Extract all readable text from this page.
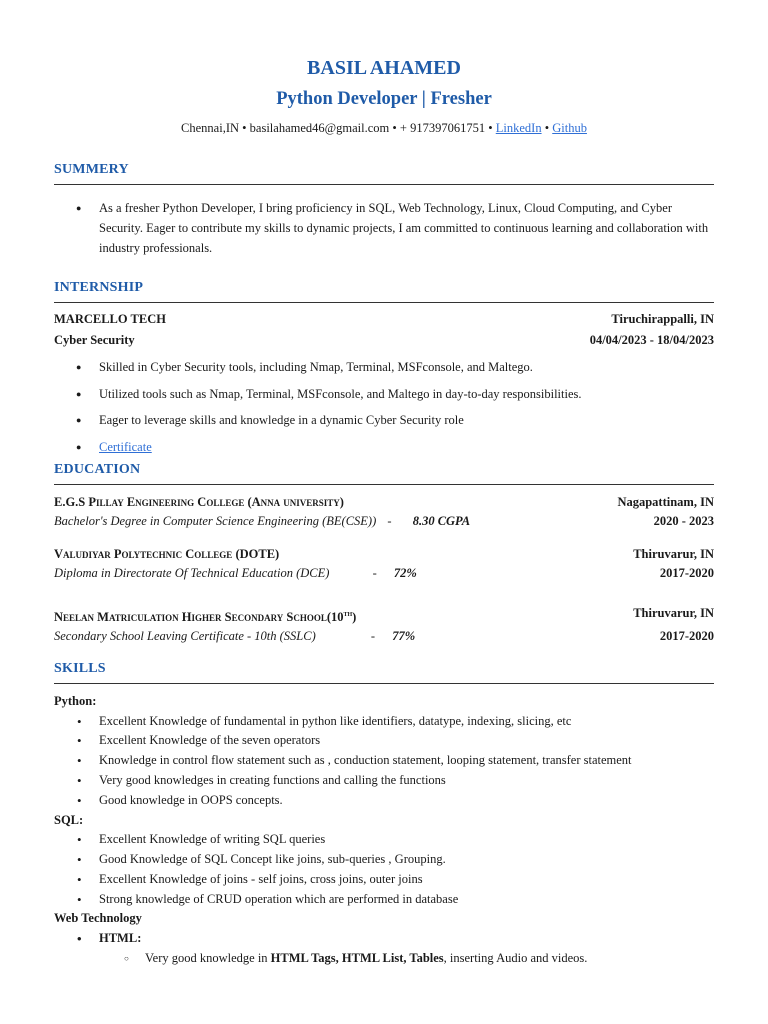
BASIL AHAMED
Python Developer | Fresher
Chennai,IN • basilahamed46@gmail.com • + 917397061751 • LinkedIn • Github
SUMMERY
● As a fresher Python Developer, I bring proficiency in SQL, Web Technology, Linux, Cloud Computing, and Cyber Security. Eager to contribute my skills to dynamic projects, I am committed to continuous learning and collaboration with industry professionals.
INTERNSHIP
MARCELLO TECH	Tiruchirappalli, IN
Cyber Security	04/04/2023 - 18/04/2023
● Skilled in Cyber Security tools, including Nmap, Terminal, MSFconsole, and Maltego.
● Utilized tools such as Nmap, Terminal, MSFconsole, and Maltego in day-to-day responsibilities.
● Eager to leverage skills and knowledge in a dynamic Cyber Security role
● Certificate
EDUCATION
E.G.S Pillay Engineering College (Anna university)	Nagapattinam, IN
Bachelor's Degree in Computer Science Engineering (BE(CSE)) - 8.30 CGPA	2020 - 2023
Valudiyar Polytechnic College (DOTE)	Thiruvarur, IN
Diploma in Directorate Of Technical Education (DCE)	- 72%	2017-2020
Neelan Matriculation Higher Secondary School(10th)	Thiruvarur, IN
Secondary School Leaving Certificate - 10th (SSLC)	- 77%	2017-2020
SKILLS
Python:
• Excellent Knowledge of fundamental in python like identifiers, datatype, indexing, slicing, etc
• Excellent Knowledge of the seven operators
• Knowledge in control flow statement such as , conduction statement, looping statement, transfer statement
• Very good knowledges in creating functions and calling the functions
• Good knowledge in OOPS concepts.
SQL:
• Excellent Knowledge of writing SQL queries
• Good Knowledge of SQL Concept like joins, sub-queries , Grouping.
• Excellent Knowledge of joins - self joins, cross joins, outer joins
• Strong knowledge of CRUD operation which are performed in database
Web Technology
• HTML:
○ Very good knowledge in HTML Tags, HTML List, Tables, inserting Audio and videos.
